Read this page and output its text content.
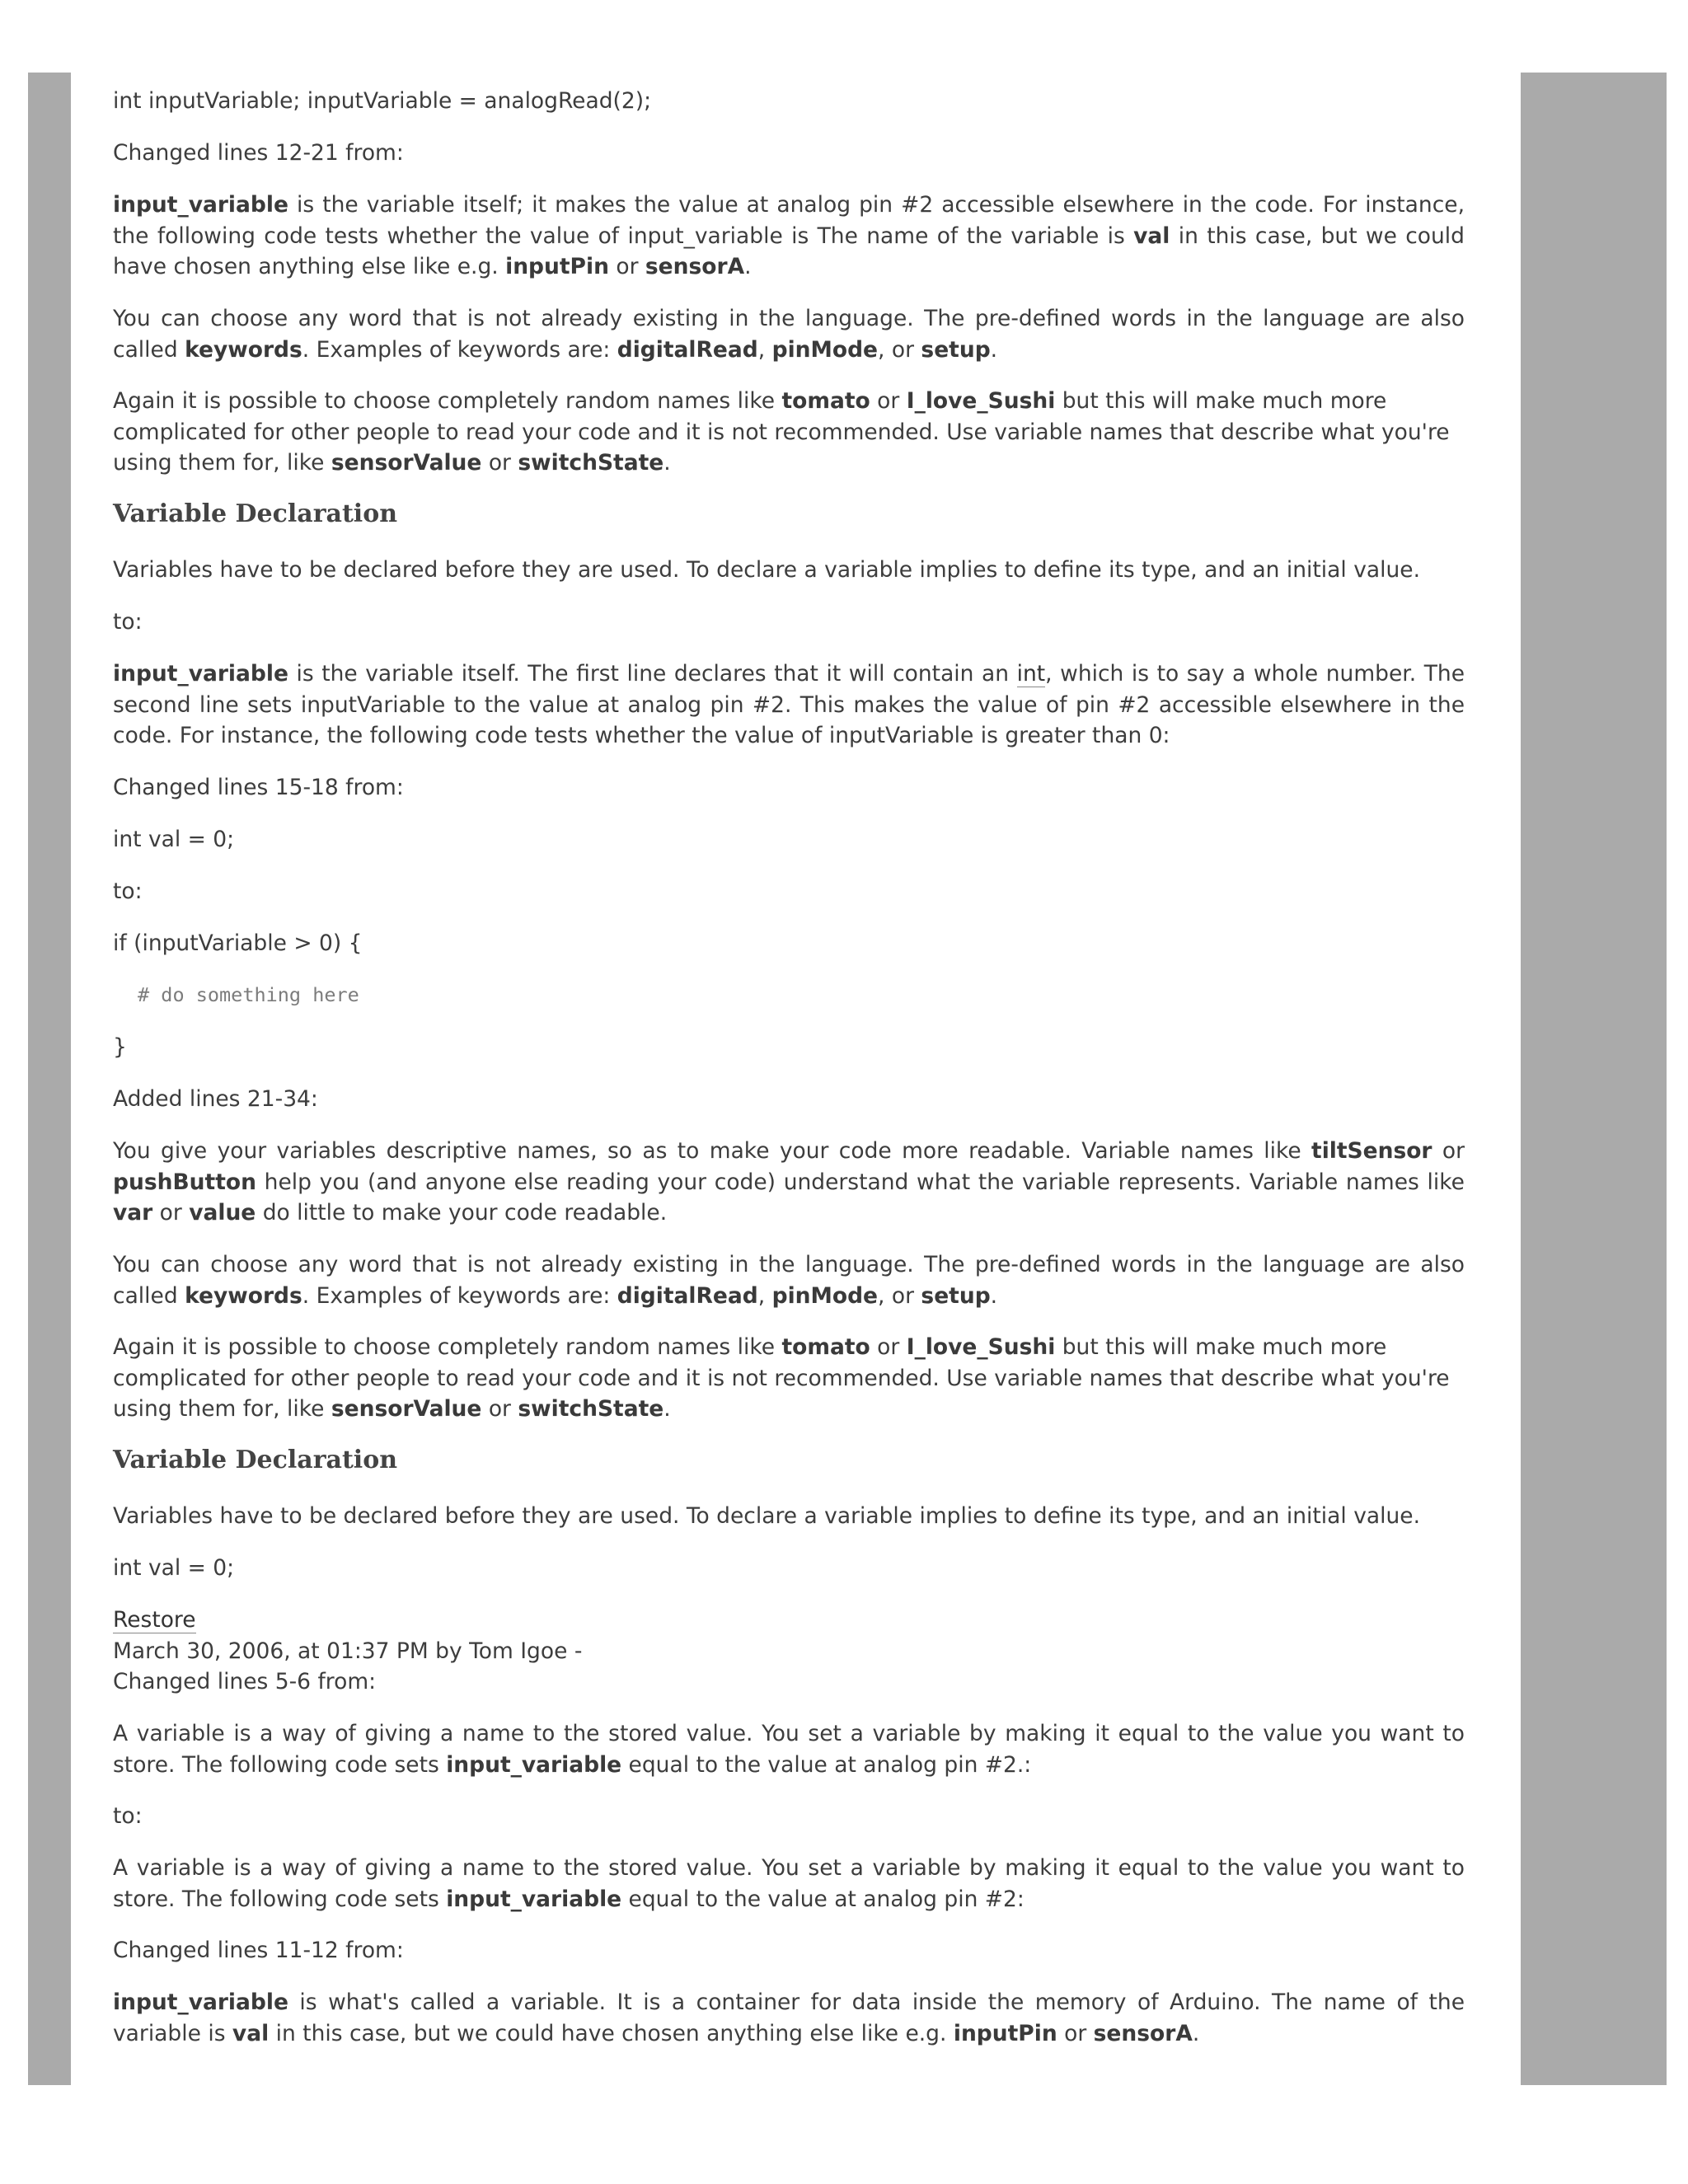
int inputVariable; inputVariable = analogRead(2);

Changed lines 12-21 from:

input_variable is the variable itself; it makes the value at analog pin #2 accessible elsewhere in the code. For instance, the following code tests whether the value of input_variable is The name of the variable is val in this case, but we could have chosen anything else like e.g. inputPin or sensorA.

You can choose any word that is not already existing in the language. The pre-defined words in the language are also called keywords. Examples of keywords are: digitalRead, pinMode, or setup.

Again it is possible to choose completely random names like tomato or I_love_Sushi but this will make much more complicated for other people to read your code and it is not recommended. Use variable names that describe what you're using them for, like sensorValue or switchState.

Variable Declaration

Variables have to be declared before they are used. To declare a variable implies to define its type, and an initial value.

to:

input_variable is the variable itself. The first line declares that it will contain an int, which is to say a whole number. The second line sets inputVariable to the value at analog pin #2. This makes the value of pin #2 accessible elsewhere in the code. For instance, the following code tests whether the value of inputVariable is greater than 0:

Changed lines 15-18 from:

int val = 0;

to:

if (inputVariable > 0) {

# do something here

}

Added lines 21-34:

You give your variables descriptive names, so as to make your code more readable. Variable names like tiltSensor or pushButton help you (and anyone else reading your code) understand what the variable represents. Variable names like var or value do little to make your code readable.

You can choose any word that is not already existing in the language. The pre-defined words in the language are also called keywords. Examples of keywords are: digitalRead, pinMode, or setup.

Again it is possible to choose completely random names like tomato or I_love_Sushi but this will make much more complicated for other people to read your code and it is not recommended. Use variable names that describe what you're using them for, like sensorValue or switchState.

Variable Declaration

Variables have to be declared before they are used. To declare a variable implies to define its type, and an initial value.

int val = 0;

Restore
March 30, 2006, at 01:37 PM by Tom Igoe -
Changed lines 5-6 from:

A variable is a way of giving a name to the stored value. You set a variable by making it equal to the value you want to store. The following code sets input_variable equal to the value at analog pin #2.:

to:

A variable is a way of giving a name to the stored value. You set a variable by making it equal to the value you want to store. The following code sets input_variable equal to the value at analog pin #2:

Changed lines 11-12 from:

input_variable is what's called a variable. It is a container for data inside the memory of Arduino. The name of the variable is val in this case, but we could have chosen anything else like e.g. inputPin or sensorA.
